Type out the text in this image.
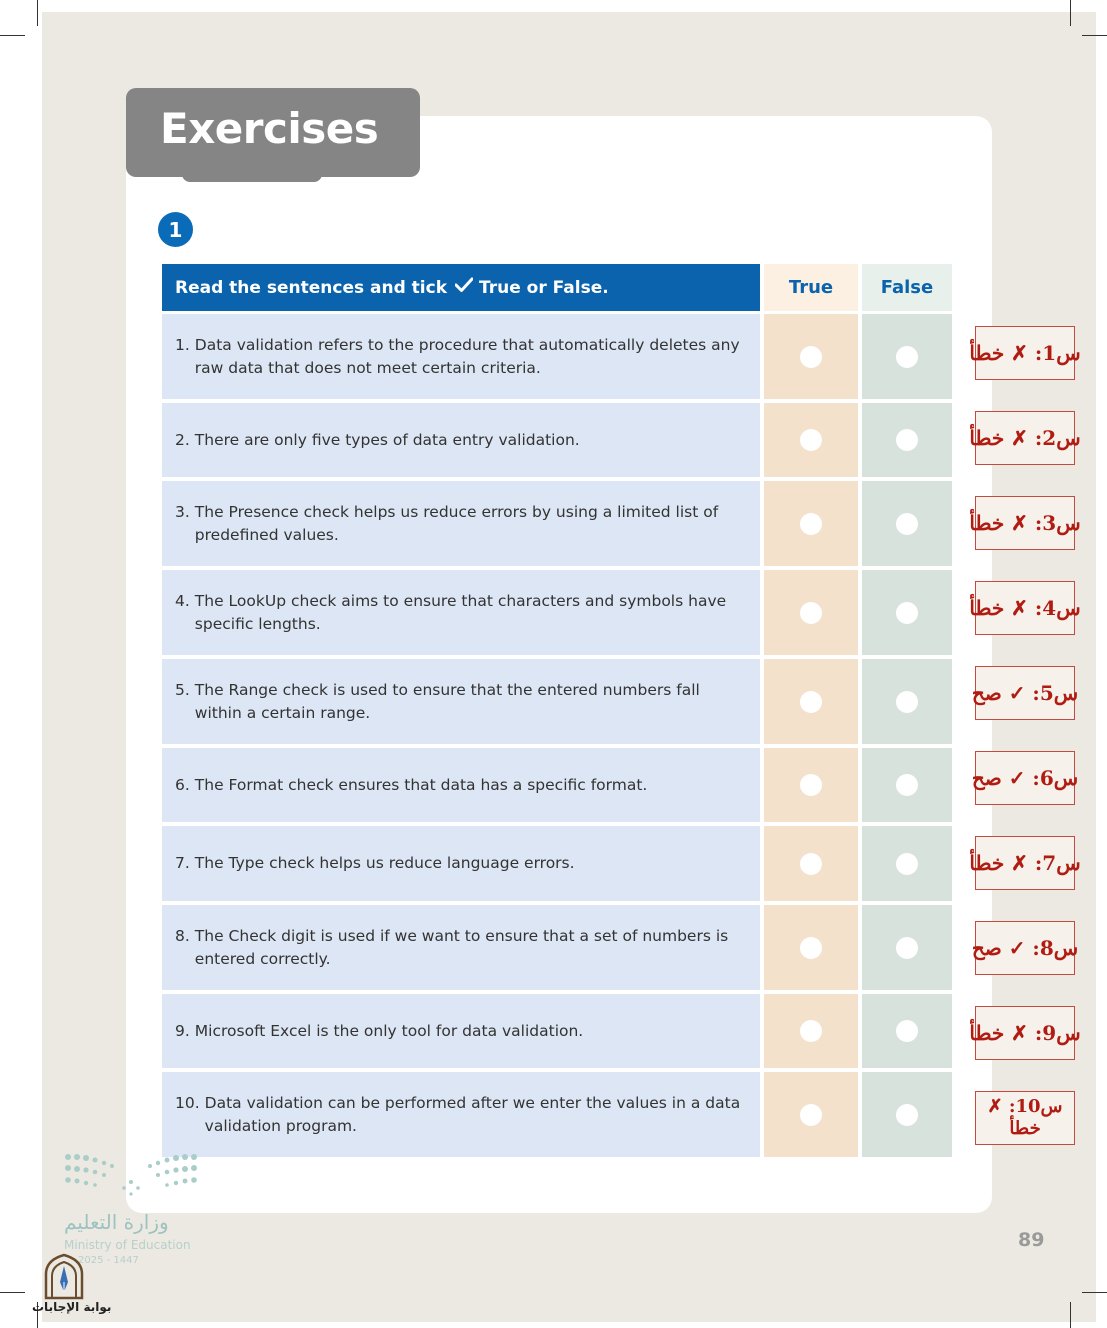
Exercises
1
Read the sentences and tick True or False.	True	False
1. Data validation refers to the procedure that automatically deletes any raw data that does not meet certain criteria.
2. There are only five types of data entry validation.
3. The Presence check helps us reduce errors by using a limited list of predefined values.
4. The LookUp check aims to ensure that characters and symbols have specific lengths.
5. The Range check is used to ensure that the entered numbers fall within a certain range.
6. The Format check ensures that data has a specific format.
7. The Type check helps us reduce language errors.
8. The Check digit is used if we want to ensure that a set of numbers is entered correctly.
9. Microsoft Excel is the only tool for data validation.
10. Data validation can be performed after we enter the values in a data validation program.
س1: ✗ خطأ
س2: ✗ خطأ
س3: ✗ خطأ
س4: ✗ خطأ
س5: ✓ صح
س6: ✓ صح
س7: ✗ خطأ
س8: ✓ صح
س9: ✗ خطأ
س10: ✗
خطأ
وزارة التعليم
Ministry of Education
2025 - 1447
89
بوابة الإجابات
